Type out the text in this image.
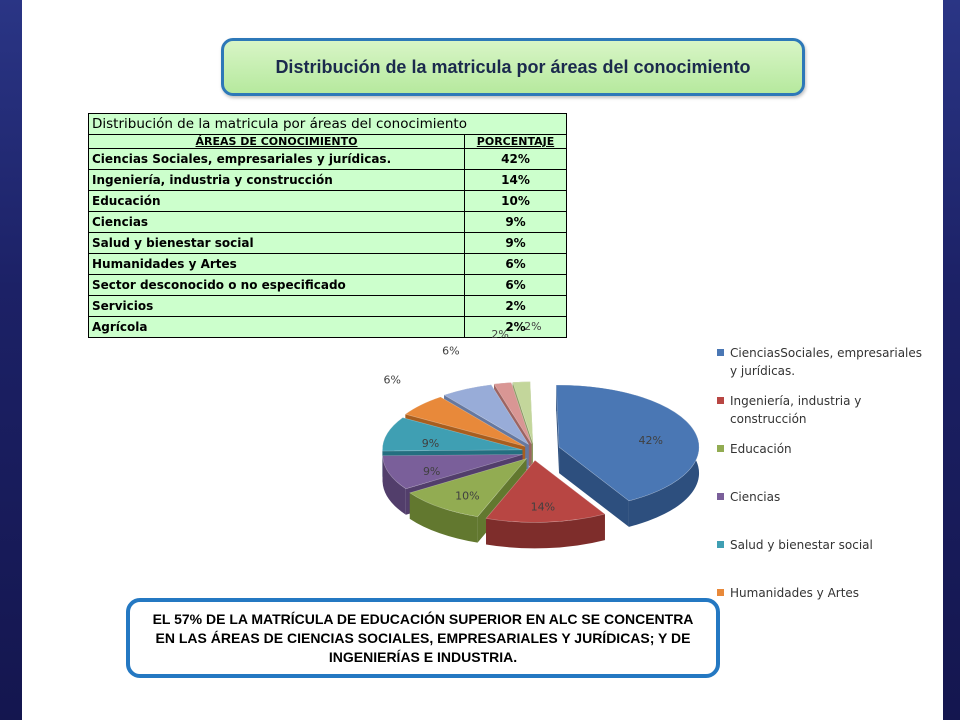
Distribución de la matricula por áreas del conocimiento
Distribución de la matricula por áreas del conocimiento	
ÁREAS DE CONOCIMIENTO	PORCENTAJE
Ciencias Sociales, empresariales y jurídicas.	42%
Ingeniería, industria y construcción	14%
Educación	10%
Ciencias	9%
Salud y bienestar social	9%
Humanidades y Artes	6%
Sector desconocido o no especificado	6%
Servicios	2%
Agrícola	2%
42%
14%
10%
9%
9%
6%
6%
2%
2%
CienciasSociales, empresariales y jurídicas.
Ingeniería, industria y construcción
Educación
Ciencias
Salud y bienestar social
Humanidades y Artes
EL 57% DE LA MATRÍCULA DE EDUCACIÓN SUPERIOR EN ALC SE CONCENTRA EN LAS ÁREAS DE CIENCIAS SOCIALES, EMPRESARIALES Y JURÍDICAS; Y DE INGENIERÍAS E INDUSTRIA.
